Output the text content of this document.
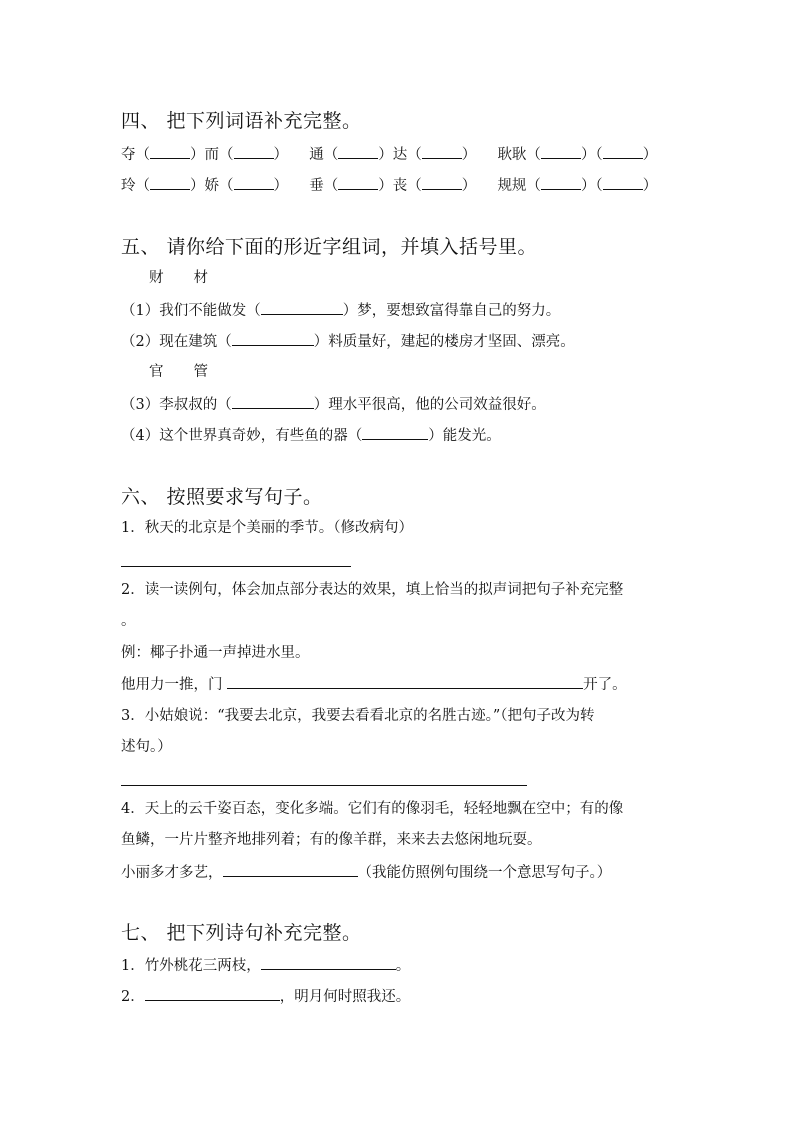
四、 把下列词语补充完整。
夺（	）而（	） 通（	）达（	） 耿耿（	）（	）
玲（	）娇（	） 垂（	）丧（	） 规规（	）（	）
五、 请你给下面的形近字组词，并填入括号里。
财 材
（1）我们不能做发（	）梦，要想致富得靠自己的努力。
（2）现在建筑（	）料质量好，建起的楼房才坚固、漂亮。
官 管
（3）李叔叔的（	）理水平很高，他的公司效益很好。
（4）这个世界真奇妙，有些鱼的器（	）能发光。
六、 按照要求写句子。
1．秋天的北京是个美丽的季节。（修改病句）
2．读一读例句，体会加点部分表达的效果，填上恰当的拟声词把句子补充完整
。
例：椰子扑通一声掉进水里。
他用力一推，门	开了。
3．小姑娘说：“我要去北京，我要去看看北京的名胜古迹。”（把句子改为转
述句。）
4．天上的云千姿百态，变化多端。它们有的像羽毛，轻轻地飘在空中；有的像
鱼鳞，一片片整齐地排列着；有的像羊群，来来去去悠闲地玩耍。
小丽多才多艺，	（我能仿照例句围绕一个意思写句子。）
七、 把下列诗句补充完整。
1．竹外桃花三两枝，	。
2．	，明月何时照我还。
